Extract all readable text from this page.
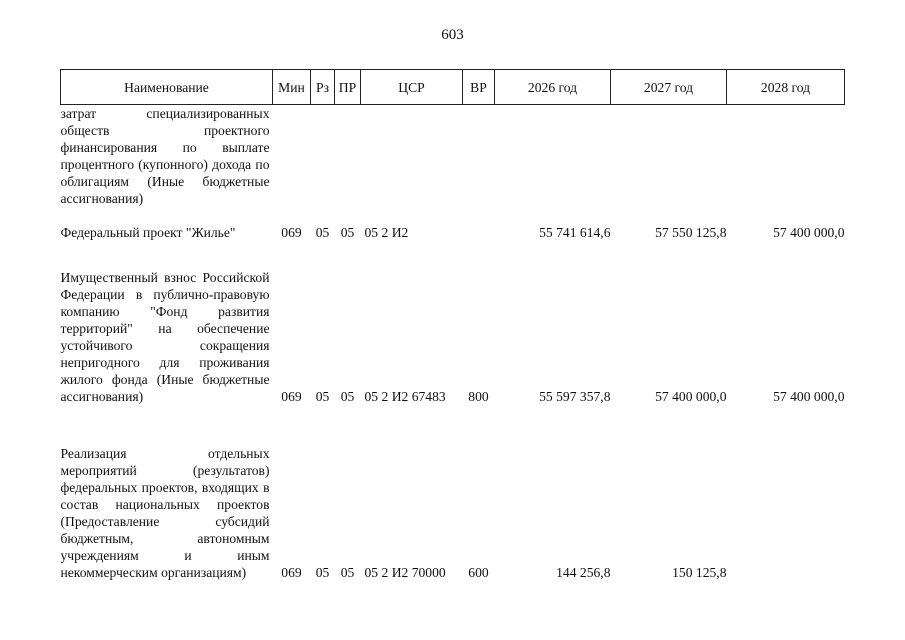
603
Наименование	Мин	Рз	ПР	ЦСР	ВР	2026 год	2027 год	2028 год
затрат специализированных обществ проектного финансирования по выплате процентного (купонного) дохода по облигациям (Иные бюджетные ассигнования)								
Федеральный проект "Жилье"	069	05	05	05 2 И2		55 741 614,6	57 550 125,8	57 400 000,0
Имущественный взнос Российской Федерации в публично-правовую компанию "Фонд развития территорий" на обеспечение устойчивого сокращения непригодного для проживания жилого фонда (Иные бюджетные ассигнования)	069	05	05	05 2 И2 67483	800	55 597 357,8	57 400 000,0	57 400 000,0
Реализация отдельных мероприятий (результатов) федеральных проектов, входящих в состав национальных проектов (Предоставление субсидий бюджетным, автономным учреждениям и иным некоммерческим организациям)	069	05	05	05 2 И2 70000	600	144 256,8	150 125,8	
